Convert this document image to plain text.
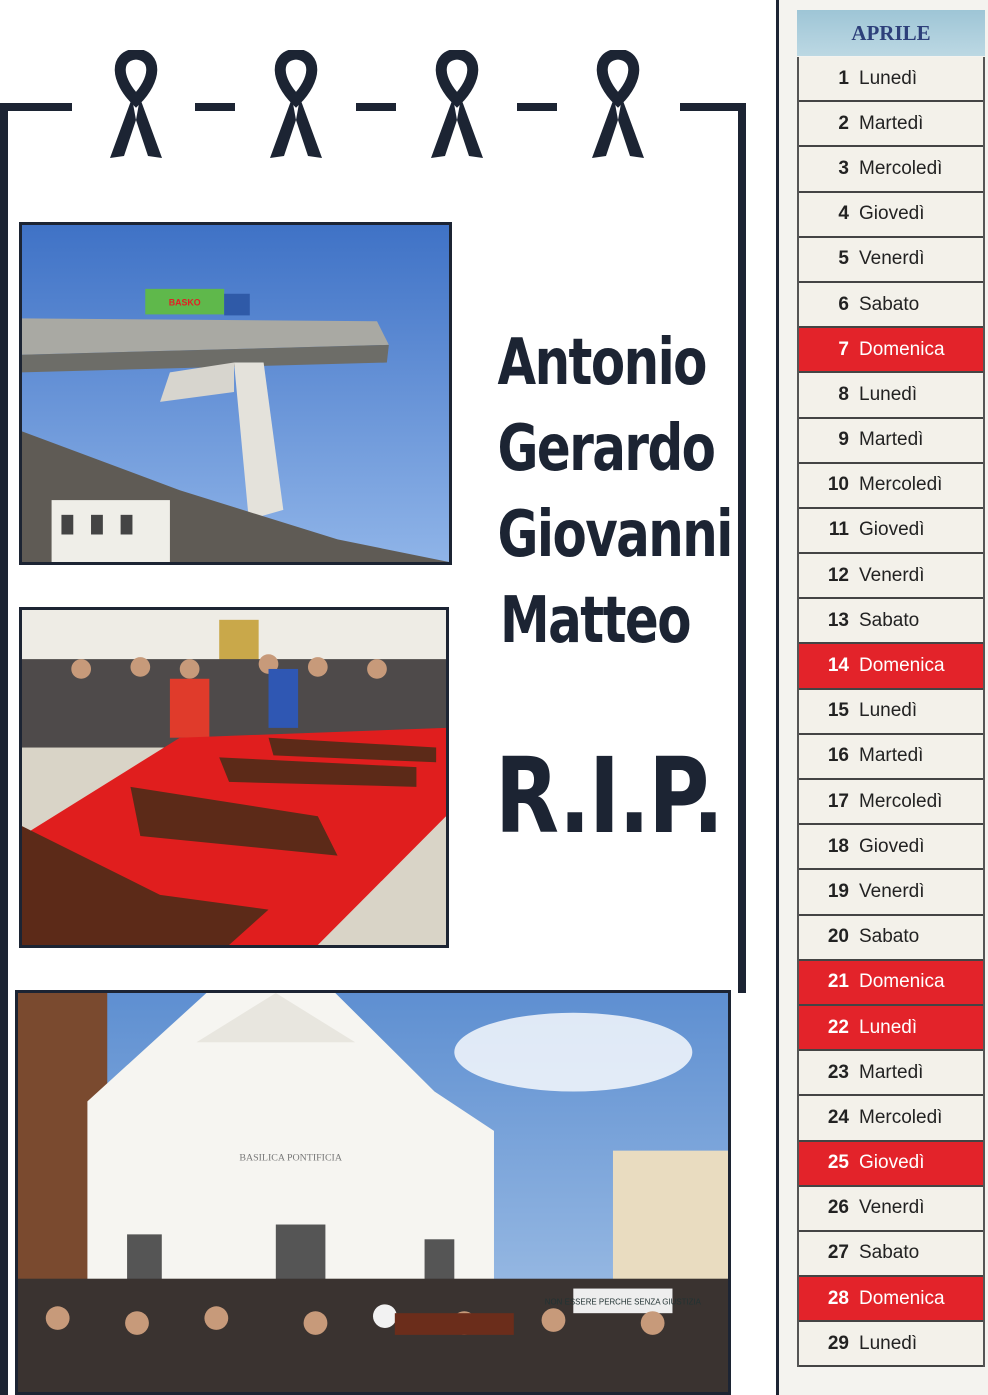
BASKO
BASILICA PONTIFICIA
NON ESSERE PERCHE SENZA GIUSTIZIA
Antonio
Gerardo
Giovanni
Matteo
R.I.P.
APRILE
1 Lunedì
2 Martedì
3 Mercoledì
4 Giovedì
5 Venerdì
6 Sabato
7 Domenica
8 Lunedì
9 Martedì
10 Mercoledì
11 Giovedì
12 Venerdì
13 Sabato
14 Domenica
15 Lunedì
16 Martedì
17 Mercoledì
18 Giovedì
19 Venerdì
20 Sabato
21 Domenica
22 Lunedì
23 Martedì
24 Mercoledì
25 Giovedì
26 Venerdì
27 Sabato
28 Domenica
29 Lunedì
